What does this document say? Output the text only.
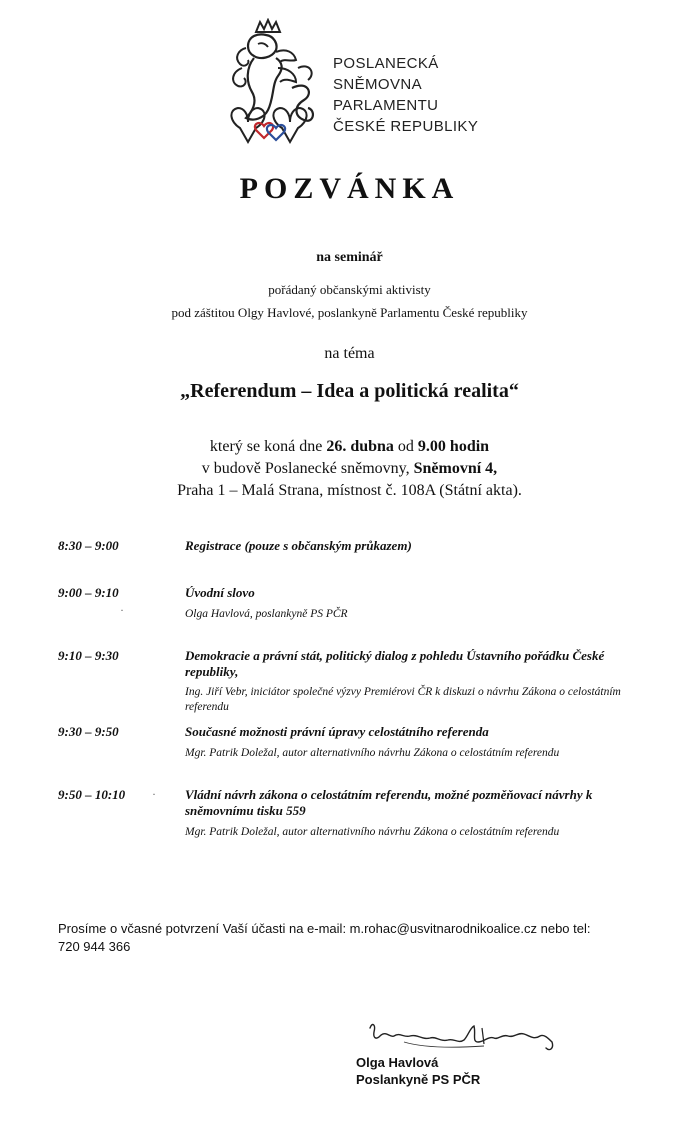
POSLANECKÁ
SNĚMOVNA
PARLAMENTU
ČESKÉ REPUBLIKY
POZVÁNKA
na seminář
pořádaný občanskými aktivisty
pod záštitou Olgy Havlové, poslankyně Parlamentu České republiky
na téma
„Referendum – Idea a politická realita“
který se koná dne 26. dubna od 9.00 hodin
v budově Poslanecké sněmovny, Sněmovní 4,
Praha 1 – Malá Strana, místnost č. 108A (Státní akta).
8:30 – 9:00	Registrace (pouze s občanským průkazem)
9:00 – 9:10	Úvodní slovo
·	Olga Havlová, poslankyně PS PČR
9:10 – 9:30	Demokracie a právní stát, politický dialog z pohledu Ústavního pořádku České republiky,
Ing. Jiří Vebr, iniciátor společné výzvy Premiérovi ČR k diskuzi o návrhu Zákona o celostátním referendu
9:30 – 9:50	Současné možnosti právní úpravy celostátního referenda
Mgr. Patrik Doležal, autor alternativního návrhu Zákona o celostátním referendu
9:50 – 10:10 · Vládní návrh zákona o celostátním referendu, možné pozměňovací návrhy k sněmovnímu tisku 559
Mgr. Patrik Doležal, autor alternativního návrhu Zákona o celostátním referendu
Prosíme o včasné potvrzení Vaší účasti na e-mail: m.rohac@usvitnarodnikoalice.cz nebo tel:
720 944 366
Olga Havlová
Poslankyně PS PČR
